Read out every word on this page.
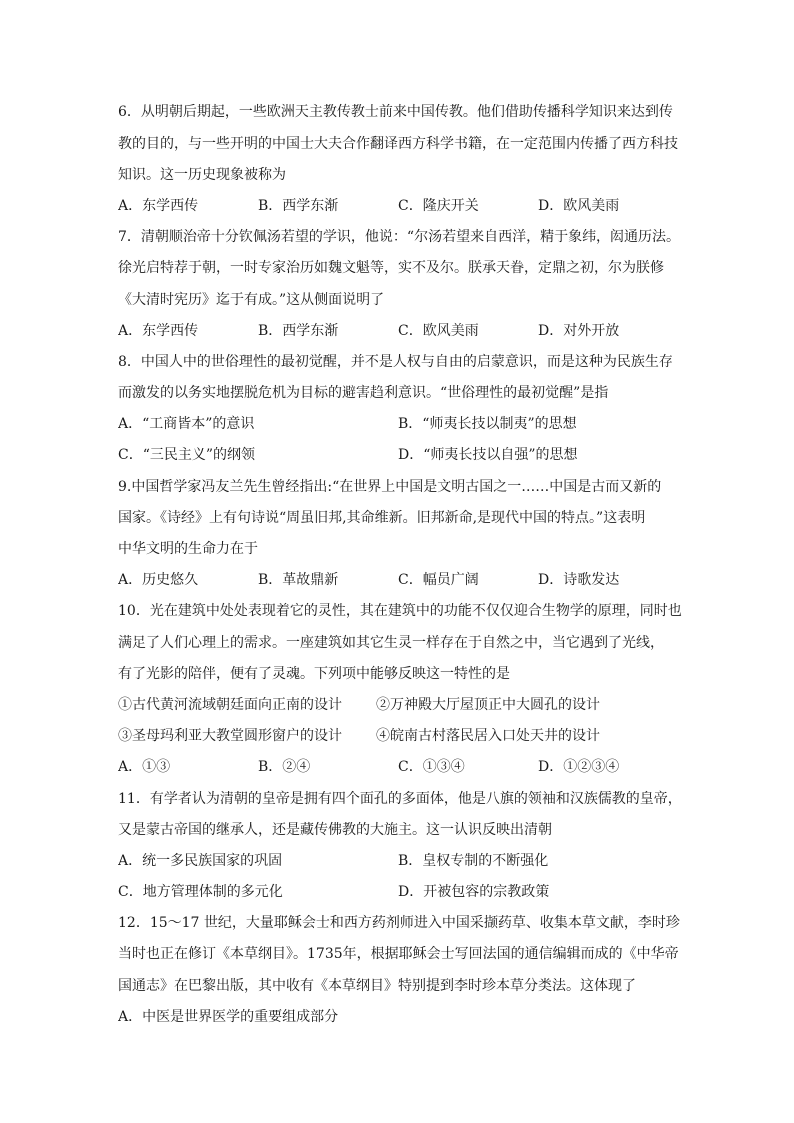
6．从明朝后期起，一些欧洲天主教传教士前来中国传教。他们借助传播科学知识来达到传
教的目的，与一些开明的中国士大夫合作翻译西方科学书籍，在一定范围内传播了西方科技
知识。这一历史现象被称为
A．东学西传	B．西学东渐	C．隆庆开关	D．欧风美雨
7．清朝顺治帝十分钦佩汤若望的学识，他说：“尔汤若望来自西洋，精于象纬，闳通历法。
徐光启特荐于朝，一时专家治历如魏文魁等，实不及尔。朕承天眷，定鼎之初，尔为朕修
《大清时宪历》迄于有成。”这从侧面说明了
A．东学西传	B．西学东渐	C．欧风美雨	D．对外开放
8．中国人中的世俗理性的最初觉醒，并不是人权与自由的启蒙意识，而是这种为民族生存
而激发的以务实地摆脱危机为目标的避害趋利意识。“世俗理性的最初觉醒”是指
A．“工商皆本”的意识	B．“师夷长技以制夷”的思想
C．“三民主义”的纲领	D．“师夷长技以自强”的思想
9.中国哲学家冯友兰先生曾经指出:“在世界上中国是文明古国之一……中国是古而又新的
国家。《诗经》上有句诗说“周虽旧邦,其命维新。旧邦新命,是现代中国的特点。”这表明
中华文明的生命力在于
A．历史悠久	B．革故鼎新	C．幅员广阔	D．诗歌发达
10．光在建筑中处处表现着它的灵性，其在建筑中的功能不仅仅迎合生物学的原理，同时也
满足了人们心理上的需求。一座建筑如其它生灵一样存在于自然之中，当它遇到了光线，
有了光影的陪伴，便有了灵魂。下列项中能够反映这一特性的是
①古代黄河流域朝廷面向正南的设计 ②万神殿大厅屋顶正中大圆孔的设计
③圣母玛利亚大教堂圆形窗户的设计 ④皖南古村落民居入口处天井的设计
A．①③	B．②④	C．①③④	D．①②③④
11．有学者认为清朝的皇帝是拥有四个面孔的多面体，他是八旗的领袖和汉族儒教的皇帝，
又是蒙古帝国的继承人，还是藏传佛教的大施主。这一认识反映出清朝
A．统一多民族国家的巩固	B．皇权专制的不断强化
C．地方管理体制的多元化	D．开被包容的宗教政策
12．15～17 世纪，大量耶稣会士和西方药剂师进入中国采撷药草、收集本草文献，李时珍
当时也正在修订《本草纲目》。1735年，根据耶稣会士写回法国的通信编辑而成的《中华帝
国通志》在巴黎出版，其中收有《本草纲目》特别提到李时珍本草分类法。这体现了
A．中医是世界医学的重要组成部分
